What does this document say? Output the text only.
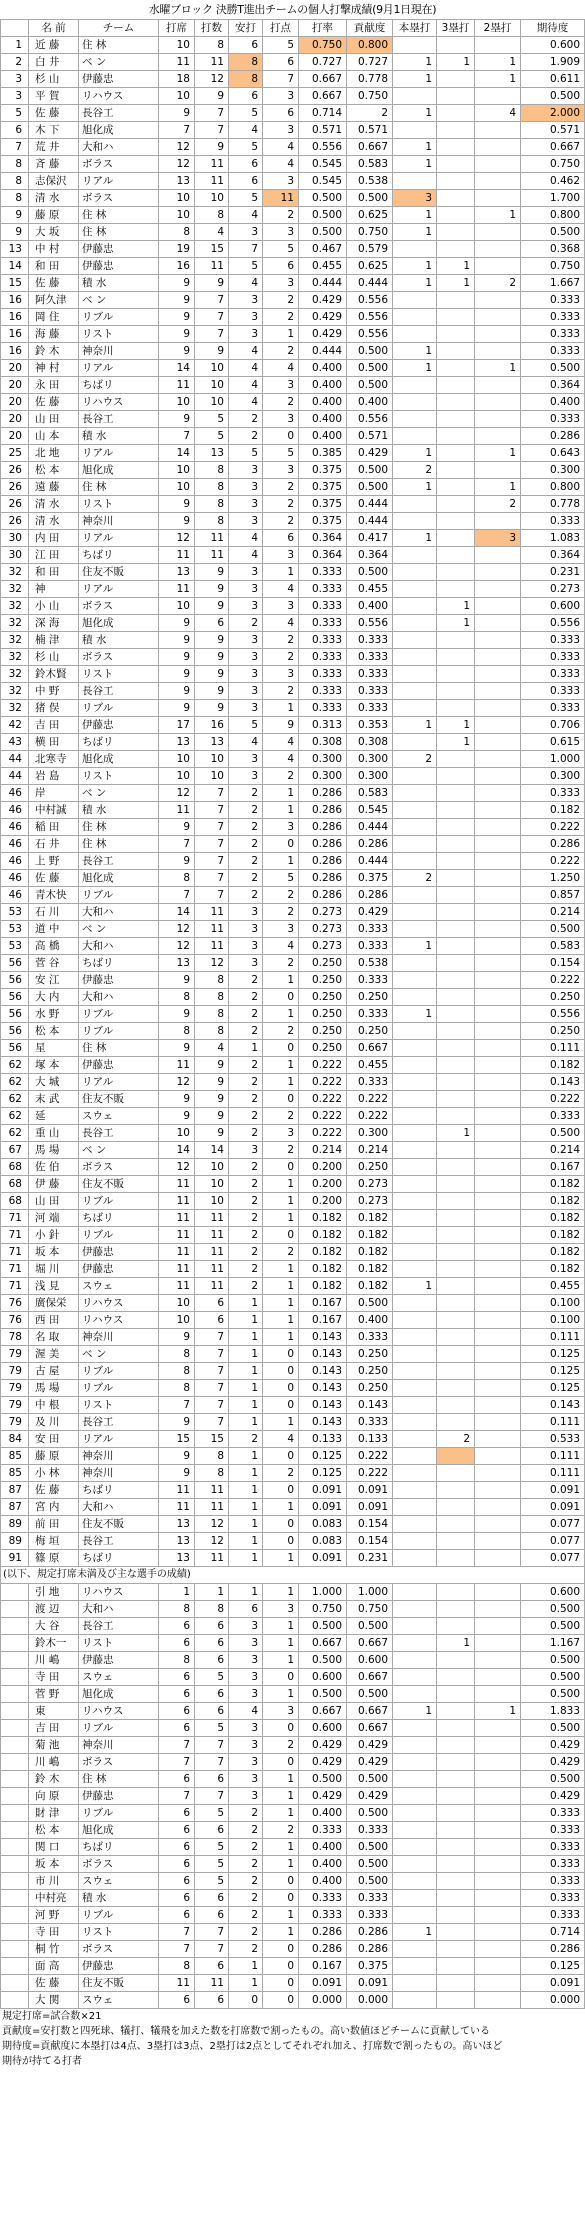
水曜ブロック 決勝T進出チームの個人打撃成績(9月1日現在)
	名 前	チーム	打席	打数	安打	打点	打率	貢献度	本塁打	3塁打	2塁打	期待度
1	近 藤	住 林	10	8	6	5	0.750	0.800				0.600
2	白 井	ベ ン	11	11	8	6	0.727	0.727	1	1	1	1.909
3	杉 山	伊藤忠	18	12	8	7	0.667	0.778	1		1	0.611
3	平 賀	リハウス	10	9	6	3	0.667	0.750				0.500
5	佐 藤	長谷工	9	7	5	6	0.714	2	1		4	2.000
6	木 下	旭化成	7	7	4	3	0.571	0.571				0.571
7	荒 井	大和ハ	12	9	5	4	0.556	0.667	1			0.667
8	斉 藤	ボラス	12	11	6	4	0.545	0.583	1			0.750
8	志保沢	リアル	13	11	6	3	0.545	0.538				0.462
8	清 水	ボラス	10	10	5	11	0.500	0.500	3			1.700
9	藤 原	住 林	10	8	4	2	0.500	0.625	1		1	0.800
9	大 坂	住 林	8	4	3	3	0.500	0.750	1			0.500
13	中 村	伊藤忠	19	15	7	5	0.467	0.579				0.368
14	和 田	伊藤忠	16	11	5	6	0.455	0.625	1	1		0.750
15	佐 藤	積 水	9	9	4	3	0.444	0.444	1	1	2	1.667
16	阿久津	ベ ン	9	7	3	2	0.429	0.556				0.333
16	岡 住	リブル	9	7	3	2	0.429	0.556				0.333
16	海 藤	リスト	9	7	3	1	0.429	0.556				0.333
16	鈴 木	神奈川	9	9	4	2	0.444	0.500	1			0.333
20	神 村	リアル	14	10	4	4	0.400	0.500	1		1	0.500
20	永 田	ちばリ	11	10	4	3	0.400	0.500				0.364
20	佐 藤	リハウス	10	10	4	2	0.400	0.400				0.400
20	山 田	長谷工	9	5	2	3	0.400	0.556				0.333
20	山 本	積 水	7	5	2	0	0.400	0.571				0.286
25	北 地	リアル	14	13	5	5	0.385	0.429	1		1	0.643
26	松 本	旭化成	10	8	3	3	0.375	0.500	2			0.300
26	遠 藤	住 林	10	8	3	2	0.375	0.500	1		1	0.800
26	清 水	リスト	9	8	3	2	0.375	0.444			2	0.778
26	清 水	神奈川	9	8	3	2	0.375	0.444				0.333
30	内 田	リアル	12	11	4	6	0.364	0.417	1		3	1.083
30	江 田	ちばリ	11	11	4	3	0.364	0.364				0.364
32	和 田	住友不販	13	9	3	1	0.333	0.500				0.231
32	神	リアル	11	9	3	4	0.333	0.455				0.273
32	小 山	ボラス	10	9	3	3	0.333	0.400		1		0.600
32	深 海	旭化成	9	6	2	4	0.333	0.556		1		0.556
32	楠 津	積 水	9	9	3	2	0.333	0.333				0.333
32	杉 山	ボラス	9	9	3	2	0.333	0.333				0.333
32	鈴木賢	リスト	9	9	3	3	0.333	0.333				0.333
32	中 野	長谷工	9	9	3	2	0.333	0.333				0.333
32	猪 俣	リブル	9	9	3	1	0.333	0.333				0.333
42	吉 田	伊藤忠	17	16	5	9	0.313	0.353	1	1		0.706
43	横 田	ちばリ	13	13	4	4	0.308	0.308		1		0.615
44	北寒寺	旭化成	10	10	3	4	0.300	0.300	2			1.000
44	岩 島	リスト	10	10	3	2	0.300	0.300				0.300
46	岸	ベ ン	12	7	2	1	0.286	0.583				0.333
46	中村誠	積 水	11	7	2	1	0.286	0.545				0.182
46	稲 田	住 林	9	7	2	3	0.286	0.444				0.222
46	石 井	住 林	7	7	2	0	0.286	0.286				0.286
46	上 野	長谷工	9	7	2	1	0.286	0.444				0.222
46	佐 藤	旭化成	8	7	2	5	0.286	0.375	2			1.250
46	青木快	リブル	7	7	2	2	0.286	0.286				0.857
53	石 川	大和ハ	14	11	3	2	0.273	0.429				0.214
53	道 中	ベ ン	12	11	3	3	0.273	0.333				0.500
53	高 橋	大和ハ	12	11	3	4	0.273	0.333	1			0.583
56	菅 谷	ちばリ	13	12	3	2	0.250	0.538				0.154
56	安 江	伊藤忠	9	8	2	1	0.250	0.333				0.222
56	大 内	大和ハ	8	8	2	0	0.250	0.250				0.250
56	水 野	リブル	9	8	2	1	0.250	0.333	1			0.556
56	松 本	リブル	8	8	2	2	0.250	0.250				0.250
56	星	住 林	9	4	1	0	0.250	0.667				0.111
62	塚 本	伊藤忠	11	9	2	1	0.222	0.455				0.182
62	大 城	リアル	12	9	2	1	0.222	0.333				0.143
62	末 武	住友不販	9	9	2	0	0.222	0.222				0.222
62	延	スウェ	9	9	2	2	0.222	0.222				0.333
62	重 山	長谷工	10	9	2	3	0.222	0.300		1		0.500
67	馬 場	ベ ン	14	14	3	2	0.214	0.214				0.214
68	佐 伯	ボラス	12	10	2	0	0.200	0.250				0.167
68	伊 藤	住友不販	11	10	2	1	0.200	0.273				0.182
68	山 田	リブル	11	10	2	1	0.200	0.273				0.182
71	河 端	ちばリ	11	11	2	1	0.182	0.182				0.182
71	小 針	リブル	11	11	2	0	0.182	0.182				0.182
71	坂 本	伊藤忠	11	11	2	2	0.182	0.182				0.182
71	堀 川	伊藤忠	11	11	2	1	0.182	0.182				0.182
71	浅 見	スウェ	11	11	2	1	0.182	0.182	1			0.455
76	廣保栄	リハウス	10	6	1	1	0.167	0.500				0.100
76	西 田	リハウス	10	6	1	1	0.167	0.400				0.100
78	名 取	神奈川	9	7	1	1	0.143	0.333				0.111
79	渥 美	ベ ン	8	7	1	0	0.143	0.250				0.125
79	古 屋	リブル	8	7	1	0	0.143	0.250				0.125
79	馬 場	リブル	8	7	1	0	0.143	0.250				0.125
79	中 根	リスト	7	7	1	0	0.143	0.143				0.143
79	及 川	長谷工	9	7	1	1	0.143	0.333				0.111
84	安 田	リアル	15	15	2	4	0.133	0.133		2		0.533
85	藤 原	神奈川	9	8	1	0	0.125	0.222				0.111
85	小 林	神奈川	9	8	1	2	0.125	0.222				0.111
87	佐 藤	ちばリ	11	11	1	0	0.091	0.091				0.091
87	宮 内	大和ハ	11	11	1	1	0.091	0.091				0.091
89	前 田	住友不販	13	12	1	0	0.083	0.154				0.077
89	梅 垣	長谷工	13	12	1	0	0.083	0.154				0.077
91	篠 原	ちばリ	13	11	1	1	0.091	0.231				0.077
(以下、規定打席未満及び主な選手の成績)												
	引 地	リハウス	1	1	1	1	1.000	1.000				0.600
	渡 辺	大和ハ	8	8	6	3	0.750	0.750				0.500
	大 谷	長谷工	6	6	3	1	0.500	0.500				0.500
	鈴木一	リスト	6	6	3	1	0.667	0.667		1		1.167
	川 嶋	伊藤忠	8	6	3	1	0.500	0.600				0.500
	寺 田	スウェ	6	5	3	0	0.600	0.667				0.500
	菅 野	旭化成	6	6	3	1	0.500	0.500				0.500
	東	リハウス	6	6	4	3	0.667	0.667	1		1	1.833
	吉 田	リブル	6	5	3	0	0.600	0.667				0.500
	菊 池	神奈川	7	7	3	2	0.429	0.429				0.429
	川 嶋	ボラス	7	7	3	0	0.429	0.429				0.429
	鈴 木	住 林	6	6	3	1	0.500	0.500				0.500
	向 原	伊藤忠	7	7	3	1	0.429	0.429				0.429
	財 津	リブル	6	5	2	1	0.400	0.500				0.333
	松 本	旭化成	6	6	2	2	0.333	0.333				0.333
	関 口	ちばリ	6	5	2	1	0.400	0.500				0.333
	坂 本	ボラス	6	5	2	1	0.400	0.500				0.333
	市 川	スウェ	6	5	2	0	0.400	0.500				0.333
	中村亮	積 水	6	6	2	0	0.333	0.333				0.333
	河 野	リブル	6	6	2	1	0.333	0.333				0.333
	寺 田	リスト	7	7	2	1	0.286	0.286	1			0.714
	桐 竹	ボラス	7	7	2	0	0.286	0.286				0.286
	面 高	伊藤忠	8	6	1	0	0.167	0.375				0.125
	佐 藤	住友不販	11	11	1	0	0.091	0.091				0.091
	大 関	スウェ	6	6	0	0	0.000	0.000				0.000
規定打席=試合数×21
貢献度=安打数と四死球、犠打、犠飛を加えた数を打席数で割ったもの。高い数値ほどチームに貢献している
期待度=貢献度に本塁打は4点、3塁打は3点、2塁打は2点としてそれぞれ加え、打席数で割ったもの。高いほど
期待が持てる打者
